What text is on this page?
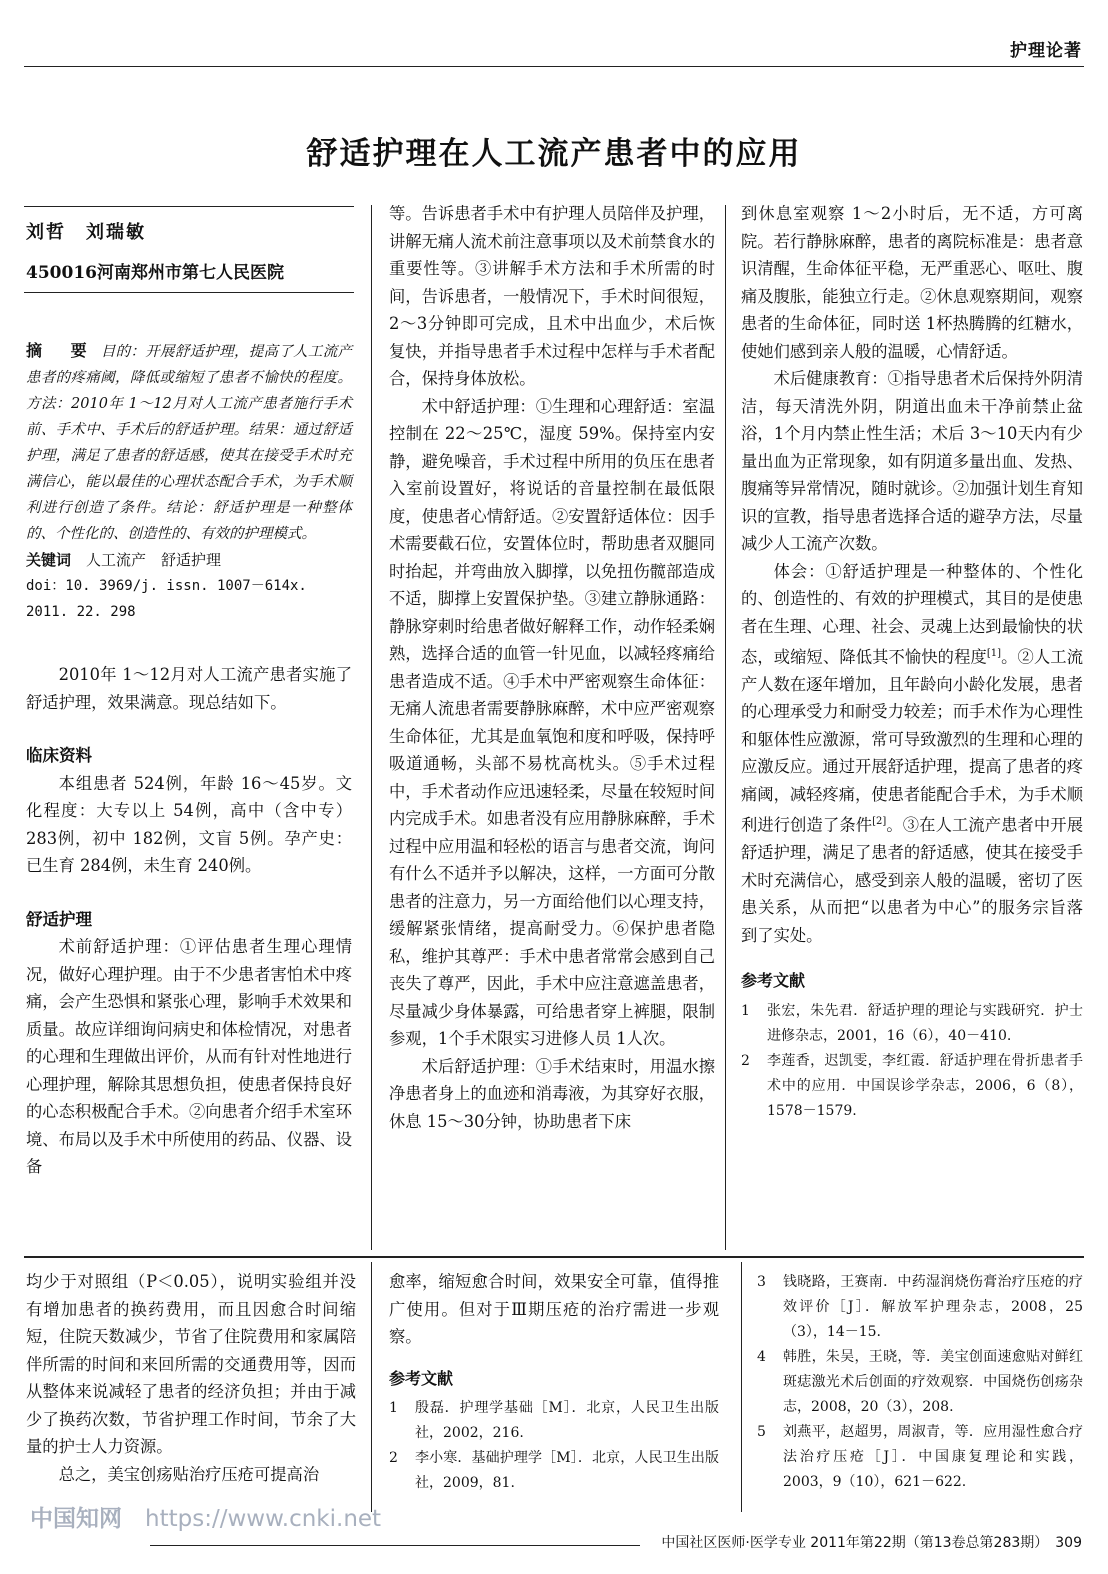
护理论著
舒适护理在人工流产患者中的应用
刘哲　刘瑞敏
450016河南郑州市第七人民医院
摘　要 目的：开展舒适护理，提高了人工流产患者的疼痛阈，降低或缩短了患者不愉快的程度。方法：2010年 1～12月对人工流产患者施行手术前、手术中、手术后的舒适护理。结果：通过舒适护理，满足了患者的舒适感，使其在接受手术时充满信心，能以最佳的心理状态配合手术，为手术顺利进行创造了条件。结论：舒适护理是一种整体的、个性化的、创造性的、有效的护理模式。
关键词　 人工流产　舒适护理
doi：10. 3969/j. issn. 1007－614x. 2011. 22. 298

2010年 1～12月对人工流产患者实施了舒适护理，效果满意。现总结如下。

临床资料

本组患者 524例，年龄 16～45岁。文化程度：大专以上 54例，高中（含中专）283例，初中 182例，文盲 5例。孕产史：已生育 284例，未生育 240例。

舒适护理

术前舒适护理：①评估患者生理心理情况，做好心理护理。由于不少患者害怕术中疼痛，会产生恐惧和紧张心理，影响手术效果和质量。故应详细询问病史和体检情况，对患者的心理和生理做出评价，从而有针对性地进行心理护理，解除其思想负担，使患者保持良好的心态积极配合手术。②向患者介绍手术室环境、布局以及手术中所使用的药品、仪器、设备

等。告诉患者手术中有护理人员陪伴及护理，讲解无痛人流术前注意事项以及术前禁食水的重要性等。③讲解手术方法和手术所需的时间，告诉患者，一般情况下，手术时间很短，2～3分钟即可完成，且术中出血少，术后恢复快，并指导患者手术过程中怎样与手术者配合，保持身体放松。

术中舒适护理：①生理和心理舒适：室温控制在 22～25℃，湿度 59%。保持室内安静，避免噪音，手术过程中所用的负压在患者入室前设置好，将说话的音量控制在最低限度，使患者心情舒适。②安置舒适体位：因手术需要截石位，安置体位时，帮助患者双腿同时抬起，并弯曲放入脚撑，以免扭伤髋部造成不适，脚撑上安置保护垫。③建立静脉通路：静脉穿刺时给患者做好解释工作，动作轻柔娴熟，选择合适的血管一针见血，以减轻疼痛给患者造成不适。④手术中严密观察生命体征：无痛人流患者需要静脉麻醉，术中应严密观察生命体征，尤其是血氧饱和度和呼吸，保持呼吸道通畅，头部不易枕高枕头。⑤手术过程中，手术者动作应迅速轻柔，尽量在较短时间内完成手术。如患者没有应用静脉麻醉，手术过程中应用温和轻松的语言与患者交流，询问有什么不适并予以解决，这样，一方面可分散患者的注意力，另一方面给他们以心理支持，缓解紧张情绪，提高耐受力。⑥保护患者隐私，维护其尊严：手术中患者常常会感到自己丧失了尊严，因此，手术中应注意遮盖患者，尽量减少身体暴露，可给患者穿上裤腿，限制参观，1个手术限实习进修人员 1人次。

术后舒适护理：①手术结束时，用温水擦净患者身上的血迹和消毒液，为其穿好衣服，休息 15～30分钟，协助患者下床

到休息室观察 1～2小时后，无不适，方可离院。若行静脉麻醉，患者的离院标准是：患者意识清醒，生命体征平稳，无严重恶心、呕吐、腹痛及腹胀，能独立行走。②休息观察期间，观察患者的生命体征，同时送 1杯热腾腾的红糖水，使她们感到亲人般的温暖，心情舒适。

术后健康教育：①指导患者术后保持外阴清洁，每天清洗外阴，阴道出血未干净前禁止盆浴，1个月内禁止性生活；术后 3～10天内有少量出血为正常现象，如有阴道多量出血、发热、腹痛等异常情况，随时就诊。②加强计划生育知识的宣教，指导患者选择合适的避孕方法，尽量减少人工流产次数。

体会：①舒适护理是一种整体的、个性化的、创造性的、有效的护理模式，其目的是使患者在生理、心理、社会、灵魂上达到最愉快的状态，或缩短、降低其不愉快的程度[1]。②人工流产人数在逐年增加，且年龄向小龄化发展，患者的心理承受力和耐受力较差；而手术作为心理性和躯体性应激源，常可导致激烈的生理和心理的应激反应。通过开展舒适护理，提高了患者的疼痛阈，减轻疼痛，使患者能配合手术，为手术顺利进行创造了条件[2]。③在人工流产患者中开展舒适护理，满足了患者的舒适感，使其在接受手术时充满信心，感受到亲人般的温暖，密切了医患关系，从而把“以患者为中心”的服务宗旨落到了实处。

参考文献
1	张宏，朱先君．舒适护理的理论与实践研究．护士进修杂志，2001，16（6），40－410.
2	李莲香，迟凯雯，李红霞．舒适护理在骨折患者手术中的应用．中国误诊学杂志，2006，6（8），1578－1579.

均少于对照组（P＜0.05），说明实验组并没有增加患者的换药费用，而且因愈合时间缩短，住院天数减少，节省了住院费用和家属陪伴所需的时间和来回所需的交通费用等，因而从整体来说减轻了患者的经济负担；并由于减少了换药次数，节省护理工作时间，节余了大量的护士人力资源。

总之，美宝创疡贴治疗压疮可提高治

愈率，缩短愈合时间，效果安全可靠，值得推广使用。但对于Ⅲ期压疮的治疗需进一步观察。

参考文献
1	殷磊．护理学基础［M］．北京，人民卫生出版社，2002，216.
2	李小寒．基础护理学［M］．北京，人民卫生出版社，2009，81.
3	钱晓路，王赛南．中药湿润烧伤膏治疗压疮的疗效评价［J］．解放军护理杂志，2008，25（3），14－15.
4	韩胜，朱吴，王晓，等．美宝创面速愈贴对鲜红斑痣激光术后创面的疗效观察．中国烧伤创疡杂志，2008，20（3），208.
5	刘燕平，赵超男，周淑青，等．应用湿性愈合疗法治疗压疮［J］．中国康复理论和实践，2003，9（10），621－622.
中国社区医师·医学专业 2011年第22期（第13卷总第283期）　309
中国知网　 https://www.cnki.net
